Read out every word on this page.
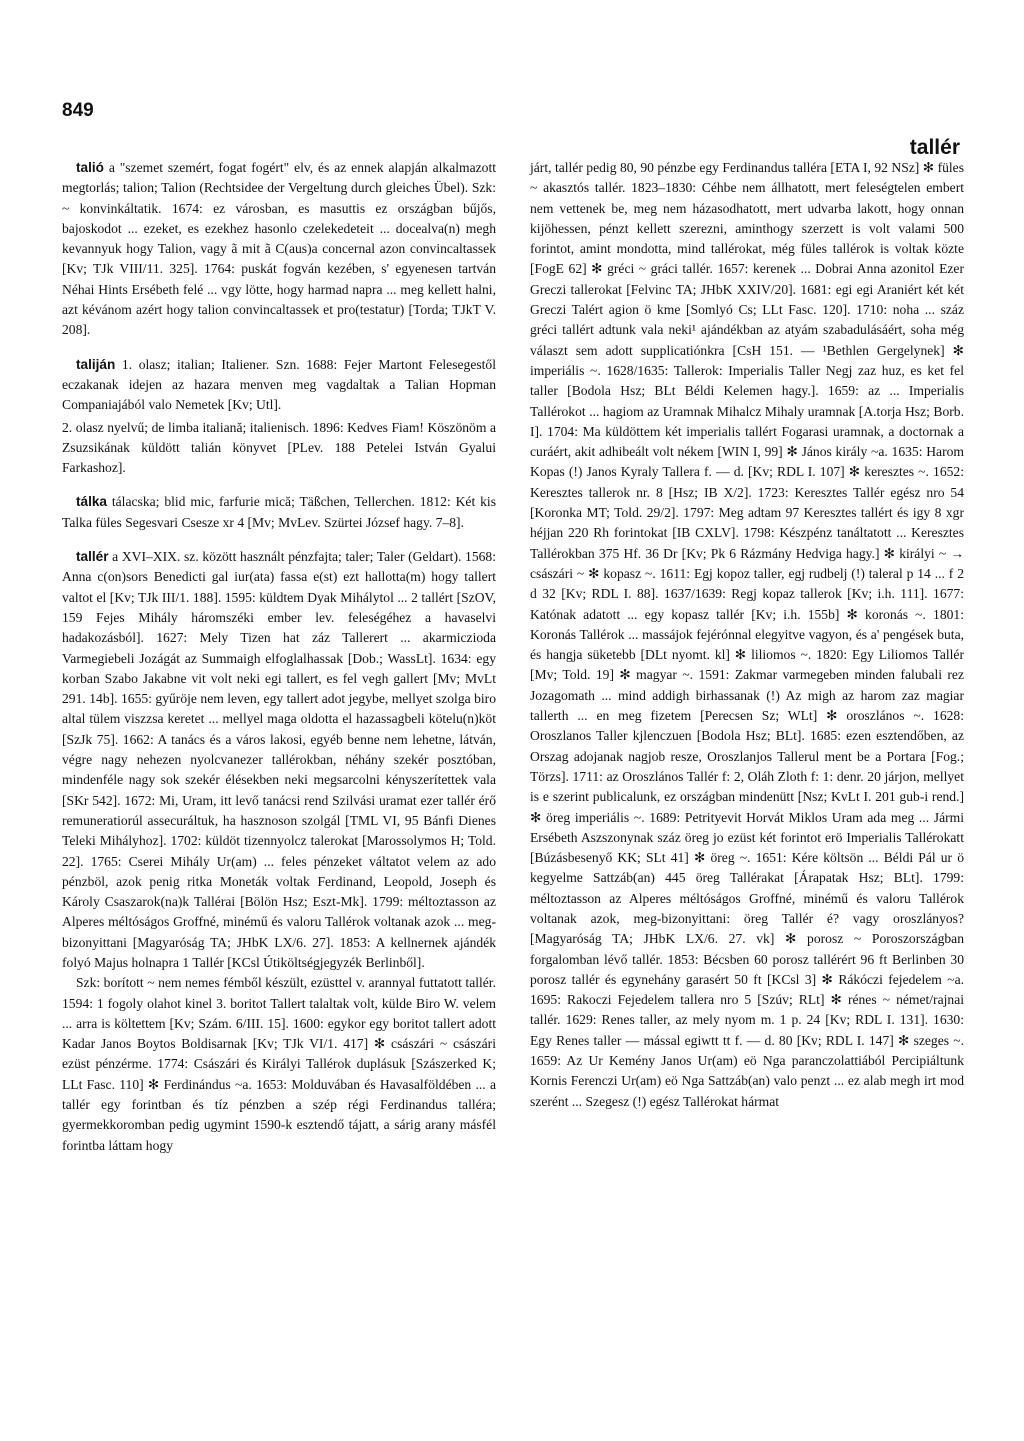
849
tallér

talió a "szemet szemért, fogat fogért" elv, és az ennek alapján alkalmazott megtorlás; talion; Talion (Rechtsidee der Vergeltung durch gleiches Übel). Szk: ~ konvinkáltatik. 1674: ez városban, es masuttis ez országban bűjős, bajoskodot ... ezeket, es ezekhez hasonlo czelekedeteit ... docealva(n) megh kevannyuk hogy Talion, vagy ã mit ã C(aus)a concernal azon convincaltassek [Kv; TJk VIII/11. 325]. 1764: puskát fogván kezében, s' egyenesen tartván Néhai Hints Ersébeth felé ... vgy lötte, hogy harmad napra ... meg kellett halni, azt kévánom azért hogy talion convincaltassek et pro(testatur) [Torda; TJkT V. 208].

taliján 1. olasz; italian; Italiener. Szn. 1688: Fejer Martont Felesegestől eczakanak idejen az hazara menven meg vagdaltak a Talian Hopman Companiajából valo Nemetek [Kv; Utl].

2. olasz nyelvű; de limba italiană; italienisch. 1896: Kedves Fiam! Köszönöm a Zsuzsikának küldött talián könyvet [PLev. 188 Petelei István Gyalui Farkashoz].

tálka tálacska; blid mic, farfurie mică; Täßchen, Tellerchen. 1812: Két kis Talka füles Segesvari Csesze xr 4 [Mv; MvLev. Szürtei József hagy. 7–8].

tallér a XVI–XIX. sz. között használt pénzfajta; taler; Taler (Geldart). 1568: Anna c(on)sors Benedicti gal iur(ata) fassa e(st) ezt hallotta(m) hogy tallert valtot el [Kv; TJk III/1. 188]. 1595: küldtem Dyak Mihálytol ... 2 tallért [SzOV, 159 Fejes Mihály háromszéki ember lev. feleségéhez a havaselvi hadakozásból]. 1627: Mely Tizen hat záz Tallerert ... akarmiczioda Varmegiebeli Jozágát az Summaigh elfoglalhassak [Dob.; WassLt]. 1634: egy korban Szabo Jakabne vit volt neki egi tallert, es fel vegh gallert [Mv; MvLt 291. 14b]. 1655: gyűröje nem leven, egy tallert adot jegybe, mellyet szolga biro altal tülem viszzsa keretet ... mellyel maga oldotta el hazassagbeli kötelu(n)köt [SzJk 75]. 1662: A tanács és a város lakosi, egyéb benne nem lehetne, látván, végre nagy nehezen nyolcvanezer tallérokban, néhány szekér posztóban, mindenféle nagy sok szekér élésekben neki megsarcolni kényszerítettek vala [SKr 542]. 1672: Mi, Uram, itt levő tanácsi rend Szilvási uramat ezer tallér érő remuneratiorúl assecuráltuk, ha hasznoson szolgál [TML VI, 95 Bánfi Dienes Teleki Mihályhoz]. 1702: küldöt tizennyolcz talerokat [Marossolymos H; Told. 22]. 1765: Cserei Mihály Ur(am) ... feles pénzeket váltatot velem az ado pénzböl, azok penig ritka Moneták voltak Ferdinand, Leopold, Joseph és Károly Csaszarok(na)k Tallérai [Bölön Hsz; Eszt-Mk]. 1799: méltoztasson az Alperes méltóságos Groffné, minémű és valoru Tallérok voltanak azok ... meg-bizonyittani [Magyaróság TA; JHbK LX/6. 27]. 1853: A kellnernek ajándék folyó Majus holnapra 1 Tallér [KCsl Útiköltségjegyzék Berlinből].

Szk: borított ~ nem nemes fémből készült, ezüsttel v. arannyal futtatott tallér. 1594: 1 fogoly olahot kinel 3. boritot Tallert talaltak volt, külde Biro W. velem ... arra is költettem [Kv; Szám. 6/III. 15]. 1600: egykor egy boritot tallert adott Kadar Janos Boytos Boldisarnak [Kv; TJk VI/1. 417] ✻ császári ~ császári ezüst pénzérme. 1774: Császári és Királyi Tallérok duplásuk [Szászerked K; LLt Fasc. 110] ✻ Ferdinándus ~a. 1653: Molduvában és Havasalföldében ... a tallér egy forintban és tíz pénzben a szép régi Ferdinandus talléra; gyermekkoromban pedig ugymint 1590-k esztendő tájatt, a sárig arany másfél forintba láttam hogy

járt, tallér pedig 80, 90 pénzbe egy Ferdinandus talléra [ETA I, 92 NSz] ✻ füles ~ akasztós tallér. 1823–1830: Céhbe nem állhatott, mert feleségtelen embert nem vettenek be, meg nem házasodhatott, mert udvarba lakott, hogy onnan kijöhessen, pénzt kellett szerezni, aminthogy szerzett is volt valami 500 forintot, amint mondotta, mind tallérokat, még füles tallérok is voltak közte [FogE 62] ✻ gréci ~ gráci tallér. 1657: kerenek ... Dobrai Anna azonitol Ezer Greczi tallerokat [Felvinc TA; JHbK XXIV/20]. 1681: egi egi Araniért két két Greczi Talért agion ö kme [Somlyó Cs; LLt Fasc. 120]. 1710: noha ... száz gréci tallért adtunk vala neki¹ ajándékban az atyám szabadulásáért, soha még választ sem adott supplicatiónkra [CsH 151. — ¹Bethlen Gergelynek] ✻ imperiális ~. 1628/1635: Tallerok: Imperialis Taller Negj zaz huz, es ket fel taller [Bodola Hsz; BLt Béldi Kelemen hagy.]. 1659: az ... Imperialis Tallérokot ... hagiom az Uramnak Mihalcz Mihaly uramnak [A.torja Hsz; Borb. I]. 1704: Ma küldöttem két imperialis tallért Fogarasi uramnak, a doctornak a curáért, akit adhibeált volt nékem [WIN I, 99] ✻ János király ~a. 1635: Harom Kopas (!) Janos Kyraly Tallera f. — d. [Kv; RDL I. 107] ✻ keresztes ~. 1652: Keresztes tallerok nr. 8 [Hsz; IB X/2]. 1723: Keresztes Tallér egész nro 54 [Koronka MT; Told. 29/2]. 1797: Meg adtam 97 Keresztes tallért és igy 8 xgr héjjan 220 Rh forintokat [IB CXLV]. 1798: Készpénz tanáltatott ... Keresztes Tallérokban 375 Hf. 36 Dr [Kv; Pk 6 Rázmány Hedviga hagy.] ✻ királyi ~ → császári ~ ✻ kopasz ~. 1611: Egj kopoz taller, egj rudbelj (!) taleral p 14 ... f 2 d 32 [Kv; RDL I. 88]. 1637/1639: Regj kopaz tallerok [Kv; i.h. 111]. 1677: Katónak adatott ... egy kopasz tallér [Kv; i.h. 155b] ✻ koronás ~. 1801: Koronás Tallérok ... massájok fejérónnal elegyitve vagyon, és a' pengések buta, és hangja süketebb [DLt nyomt. kl] ✻ liliomos ~. 1820: Egy Liliomos Tallér [Mv; Told. 19] ✻ magyar ~. 1591: Zakmar varmegeben minden falubali rez Jozagomath ... mind addigh birhassanak (!) Az migh az harom zaz magiar tallerth ... en meg fizetem [Perecsen Sz; WLt] ✻ oroszlános ~. 1628: Oroszlanos Taller kjlenczuen [Bodola Hsz; BLt]. 1685: ezen esztendőben, az Orszag adojanak nagjob resze, Oroszlanjos Tallerul ment be a Portara [Fog.; Törzs]. 1711: az Oroszlános Tallér f: 2, Oláh Zloth f: 1: denr. 20 járjon, mellyet is e szerint publicalunk, ez országban mindenütt [Nsz; KvLt I. 201 gub-i rend.] ✻ öreg imperiális ~. 1689: Petrityevit Horvát Miklos Uram ada meg ... Jármi Ersébeth Aszszonynak száz öreg jo ezüst két forintot erö Imperialis Tallérokatt [Búzásbesenyő KK; SLt 41] ✻ öreg ~. 1651: Kére költsön ... Béldi Pál ur ö kegyelme Sattzáb(an) 445 öreg Tallérakat [Árapatak Hsz; BLt]. 1799: méltoztasson az Alperes méltóságos Groffné, minémű és valoru Tallérok voltanak azok, meg-bizonyittani: öreg Tallér é? vagy oroszlányos? [Magyaróság TA; JHbK LX/6. 27. vk] ✻ porosz ~ Poroszországban forgalomban lévő tallér. 1853: Bécsben 60 porosz tallérért 96 ft Berlinben 30 porosz tallér és egynehány garasért 50 ft [KCsl 3] ✻ Rákóczi fejedelem ~a. 1695: Rakoczi Fejedelem tallera nro 5 [Szúv; RLt] ✻ rénes ~ német/rajnai tallér. 1629: Renes taller, az mely nyom m. 1 p. 24 [Kv; RDL I. 131]. 1630: Egy Renes taller — mással egiwtt tt f. — d. 80 [Kv; RDL I. 147] ✻ szeges ~. 1659: Az Ur Kemény Janos Ur(am) eö Nga paranczolattiából Percipiáltunk Kornis Ferenczi Ur(am) eö Nga Sattzáb(an) valo penzt ... ez alab megh irt mod szerént ... Szegesz (!) egész Tallérokat hármat
